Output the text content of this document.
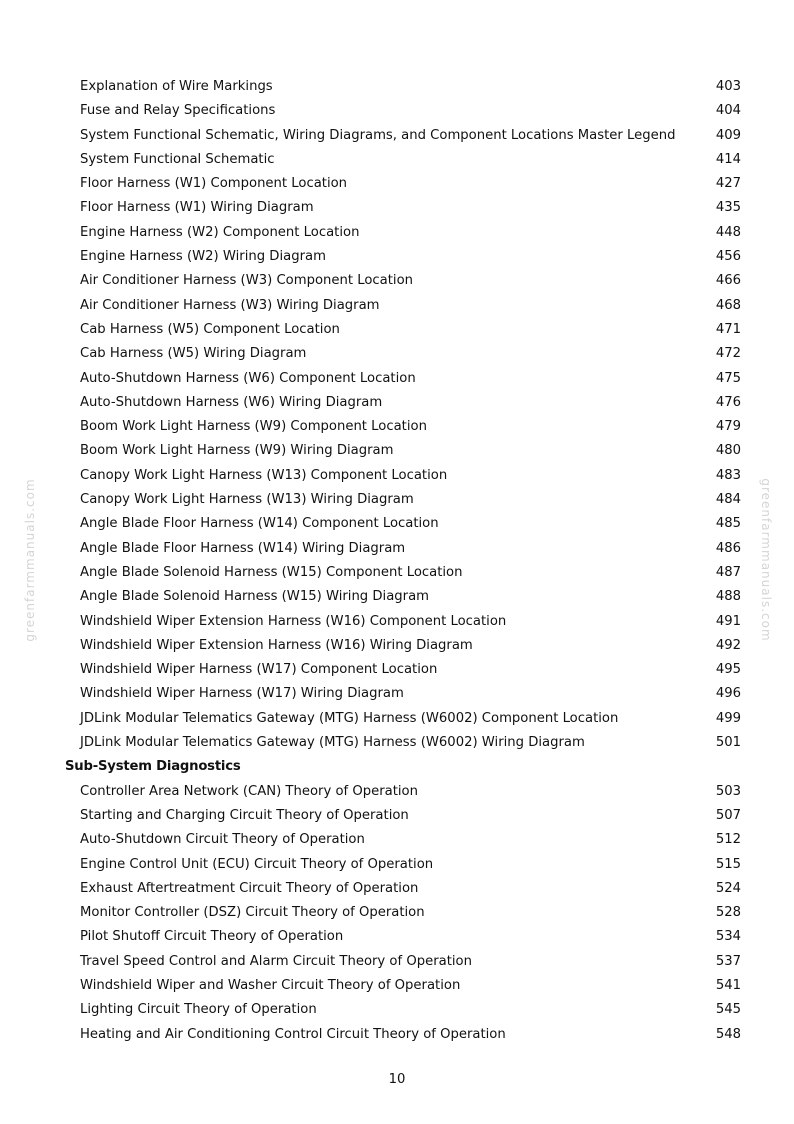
greenfarmmanuals.com	greenfarmmanuals.com
Explanation of Wire Markings	403
Fuse and Relay Specifications	404
System Functional Schematic, Wiring Diagrams, and Component Locations Master Legend	409
System Functional Schematic	414
Floor Harness (W1) Component Location	427
Floor Harness (W1) Wiring Diagram	435
Engine Harness (W2) Component Location	448
Engine Harness (W2) Wiring Diagram	456
Air Conditioner Harness (W3) Component Location	466
Air Conditioner Harness (W3) Wiring Diagram	468
Cab Harness (W5) Component Location	471
Cab Harness (W5) Wiring Diagram	472
Auto-Shutdown Harness (W6) Component Location	475
Auto-Shutdown Harness (W6) Wiring Diagram	476
Boom Work Light Harness (W9) Component Location	479
Boom Work Light Harness (W9) Wiring Diagram	480
Canopy Work Light Harness (W13) Component Location	483
Canopy Work Light Harness (W13) Wiring Diagram	484
Angle Blade Floor Harness (W14) Component Location	485
Angle Blade Floor Harness (W14) Wiring Diagram	486
Angle Blade Solenoid Harness (W15) Component Location	487
Angle Blade Solenoid Harness (W15) Wiring Diagram	488
Windshield Wiper Extension Harness (W16) Component Location	491
Windshield Wiper Extension Harness (W16) Wiring Diagram	492
Windshield Wiper Harness (W17) Component Location	495
Windshield Wiper Harness (W17) Wiring Diagram	496
JDLink Modular Telematics Gateway (MTG) Harness (W6002) Component Location	499
JDLink Modular Telematics Gateway (MTG) Harness (W6002) Wiring Diagram	501
Sub-System Diagnostics
Controller Area Network (CAN) Theory of Operation	503
Starting and Charging Circuit Theory of Operation	507
Auto-Shutdown Circuit Theory of Operation	512
Engine Control Unit (ECU) Circuit Theory of Operation	515
Exhaust Aftertreatment Circuit Theory of Operation	524
Monitor Controller (DSZ) Circuit Theory of Operation	528
Pilot Shutoff Circuit Theory of Operation	534
Travel Speed Control and Alarm Circuit Theory of Operation	537
Windshield Wiper and Washer Circuit Theory of Operation	541
Lighting Circuit Theory of Operation	545
Heating and Air Conditioning Control Circuit Theory of Operation	548
10
